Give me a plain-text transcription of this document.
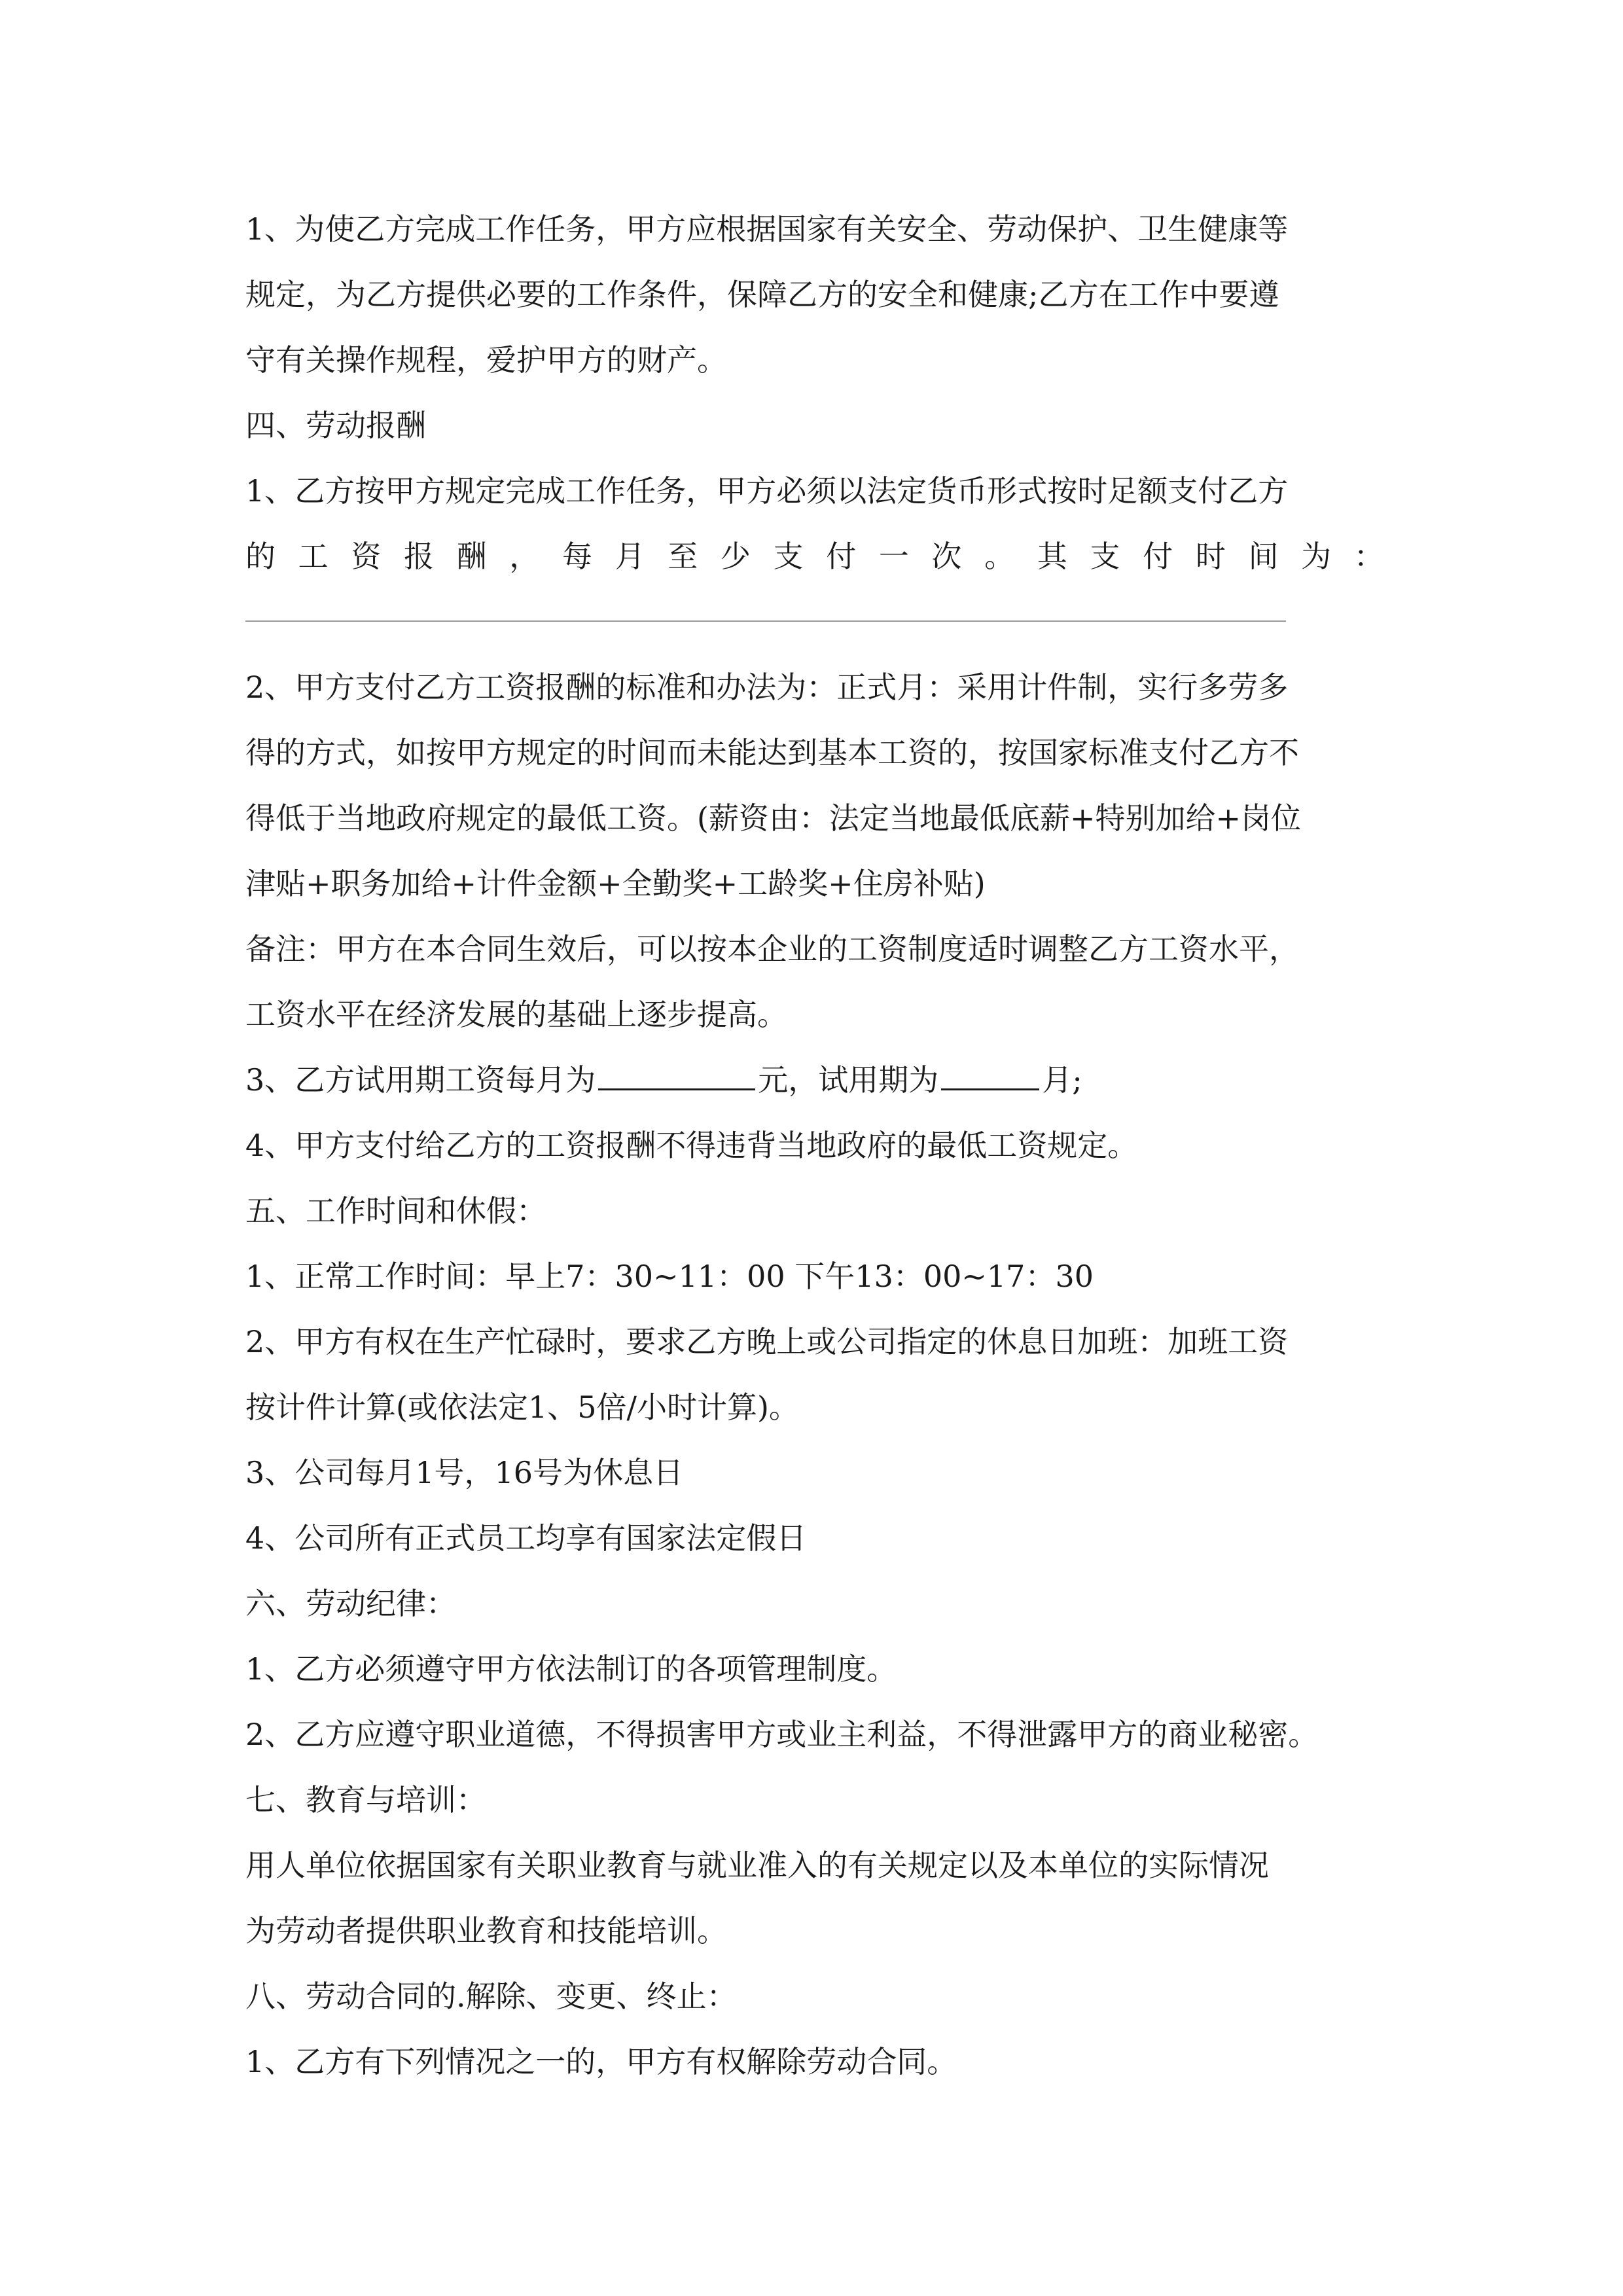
1、为使乙方完成工作任务，甲方应根据国家有关安全、劳动保护、卫生健康等
规定，为乙方提供必要的工作条件，保障乙方的安全和健康;乙方在工作中要遵
守有关操作规程，爱护甲方的财产。
四、劳动报酬
1、乙方按甲方规定完成工作任务，甲方必须以法定货币形式按时足额支付乙方
的 工 资 报 酬 ， 每 月 至 少 支 付 一 次 。 其 支 付 时 间 为 ：
2、甲方支付乙方工资报酬的标准和办法为：正式月：采用计件制，实行多劳多
得的方式，如按甲方规定的时间而未能达到基本工资的，按国家标准支付乙方不
得低于当地政府规定的最低工资。(薪资由：法定当地最低底薪+特别加给+岗位
津贴+职务加给+计件金额+全勤奖+工龄奖+住房补贴)
备注：甲方在本合同生效后，可以按本企业的工资制度适时调整乙方工资水平，
工资水平在经济发展的基础上逐步提高。
3、乙方试用期工资每月为	元，试用期为	月;
4、甲方支付给乙方的工资报酬不得违背当地政府的最低工资规定。
五、工作时间和休假：
1、正常工作时间：早上7：30~11：00 下午13：00~17：30
2、甲方有权在生产忙碌时，要求乙方晚上或公司指定的休息日加班：加班工资
按计件计算(或依法定1、5倍/小时计算)。
3、公司每月1号，16号为休息日
4、公司所有正式员工均享有国家法定假日
六、劳动纪律：
1、乙方必须遵守甲方依法制订的各项管理制度。
2、乙方应遵守职业道德，不得损害甲方或业主利益，不得泄露甲方的商业秘密。
七、教育与培训：
用人单位依据国家有关职业教育与就业准入的有关规定以及本单位的实际情况
为劳动者提供职业教育和技能培训。
八、劳动合同的.解除、变更、终止：
1、乙方有下列情况之一的，甲方有权解除劳动合同。
